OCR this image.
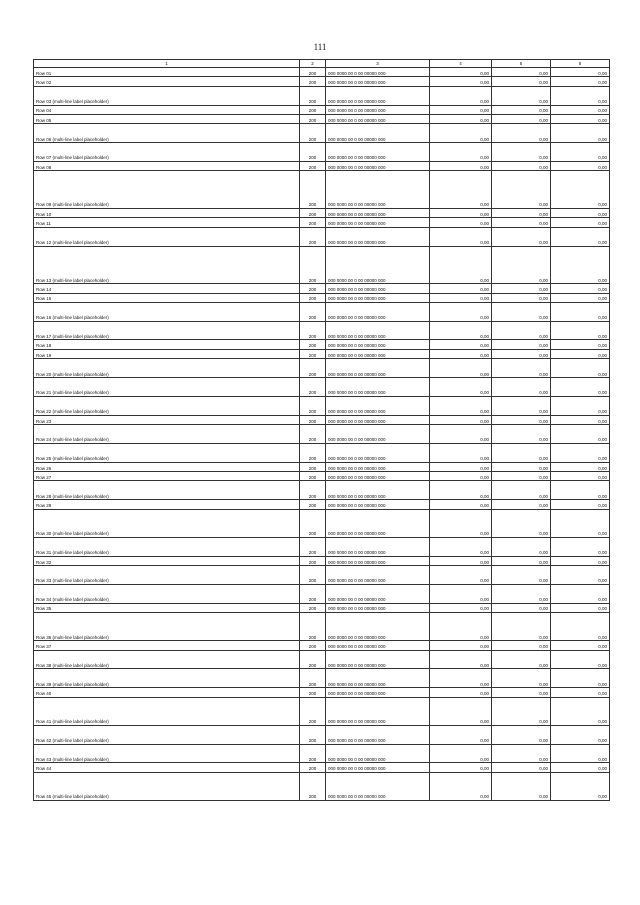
111
1	2	3	4	5	6
Row 01	200	000 0000 00 0 00 00000 000	0,00	0,00	0,00
Row 02	200	000 0000 00 0 00 00000 000	0,00	0,00	0,00
Row 03 (multi-line label placeholder)	200	000 0000 00 0 00 00000 000	0,00	0,00	0,00
Row 04	200	000 0000 00 0 00 00000 000	0,00	0,00	0,00
Row 05	200	000 0000 00 0 00 00000 000	0,00	0,00	0,00
Row 06 (multi-line label placeholder)	200	000 0000 00 0 00 00000 000	0,00	0,00	0,00
Row 07 (multi-line label placeholder)	200	000 0000 00 0 00 00000 000	0,00	0,00	0,00
Row 08	200	000 0000 00 0 00 00000 000	0,00	0,00	0,00
Row 09 (multi-line label placeholder)	200	000 0000 00 0 00 00000 000	0,00	0,00	0,00
Row 10	200	000 0000 00 0 00 00000 000	0,00	0,00	0,00
Row 11	200	000 0000 00 0 00 00000 000	0,00	0,00	0,00
Row 12 (multi-line label placeholder)	200	000 0000 00 0 00 00000 000	0,00	0,00	0,00
Row 13 (multi-line label placeholder)	200	000 0000 00 0 00 00000 000	0,00	0,00	0,00
Row 14	200	000 0000 00 0 00 00000 000	0,00	0,00	0,00
Row 15	200	000 0000 00 0 00 00000 000	0,00	0,00	0,00
Row 16 (multi-line label placeholder)	200	000 0000 00 0 00 00000 000	0,00	0,00	0,00
Row 17 (multi-line label placeholder)	200	000 0000 00 0 00 00000 000	0,00	0,00	0,00
Row 18	200	000 0000 00 0 00 00000 000	0,00	0,00	0,00
Row 19	200	000 0000 00 0 00 00000 000	0,00	0,00	0,00
Row 20 (multi-line label placeholder)	200	000 0000 00 0 00 00000 000	0,00	0,00	0,00
Row 21 (multi-line label placeholder)	200	000 0000 00 0 00 00000 000	0,00	0,00	0,00
Row 22 (multi-line label placeholder)	200	000 0000 00 0 00 00000 000	0,00	0,00	0,00
Row 23	200	000 0000 00 0 00 00000 000	0,00	0,00	0,00
Row 24 (multi-line label placeholder)	200	000 0000 00 0 00 00000 000	0,00	0,00	0,00
Row 25 (multi-line label placeholder)	200	000 0000 00 0 00 00000 000	0,00	0,00	0,00
Row 26	200	000 0000 00 0 00 00000 000	0,00	0,00	0,00
Row 27	200	000 0000 00 0 00 00000 000	0,00	0,00	0,00
Row 28 (multi-line label placeholder)	200	000 0000 00 0 00 00000 000	0,00	0,00	0,00
Row 29	200	000 0000 00 0 00 00000 000	0,00	0,00	0,00
Row 30 (multi-line label placeholder)	200	000 0000 00 0 00 00000 000	0,00	0,00	0,00
Row 31 (multi-line label placeholder)	200	000 0000 00 0 00 00000 000	0,00	0,00	0,00
Row 32	200	000 0000 00 0 00 00000 000	0,00	0,00	0,00
Row 33 (multi-line label placeholder)	200	000 0000 00 0 00 00000 000	0,00	0,00	0,00
Row 34 (multi-line label placeholder)	200	000 0000 00 0 00 00000 000	0,00	0,00	0,00
Row 35	200	000 0000 00 0 00 00000 000	0,00	0,00	0,00
Row 36 (multi-line label placeholder)	200	000 0000 00 0 00 00000 000	0,00	0,00	0,00
Row 37	200	000 0000 00 0 00 00000 000	0,00	0,00	0,00
Row 38 (multi-line label placeholder)	200	000 0000 00 0 00 00000 000	0,00	0,00	0,00
Row 39 (multi-line label placeholder)	200	000 0000 00 0 00 00000 000	0,00	0,00	0,00
Row 40	200	000 0000 00 0 00 00000 000	0,00	0,00	0,00
Row 41 (multi-line label placeholder)	200	000 0000 00 0 00 00000 000	0,00	0,00	0,00
Row 42 (multi-line label placeholder)	200	000 0000 00 0 00 00000 000	0,00	0,00	0,00
Row 43 (multi-line label placeholder)	200	000 0000 00 0 00 00000 000	0,00	0,00	0,00
Row 44	200	000 0000 00 0 00 00000 000	0,00	0,00	0,00
Row 45 (multi-line label placeholder)	200	000 0000 00 0 00 00000 000	0,00	0,00	0,00
